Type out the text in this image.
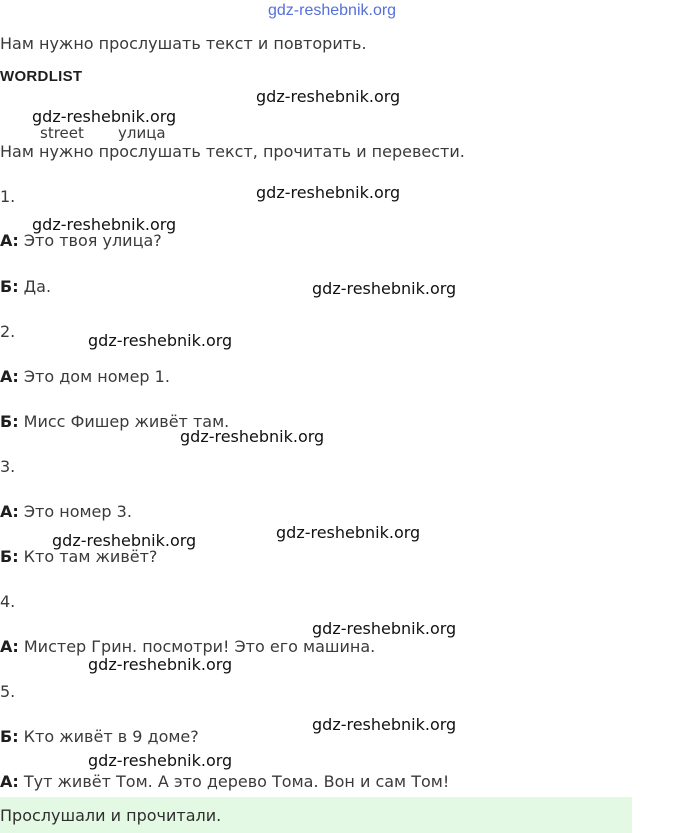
gdz-reshebnik.org
Нам нужно прослушать текст и повторить.
WORDLIST
street улица
Нам нужно прослушать текст, прочитать и перевести.
1.
А: Это твоя улица?
Б: Да.
2.
А: Это дом номер 1.
Б: Мисс Фишер живёт там.
3.
А: Это номер 3.
Б: Кто там живёт?
4.
А: Мистер Грин. посмотри! Это его машина.
5.
Б: Кто живёт в 9 доме?
А: Тут живёт Том. А это дерево Тома. Вон и сам Том!
Прослушали и прочитали.
gdz-reshebnik.org
gdz-reshebnik.org
gdz-reshebnik.org
gdz-reshebnik.org
gdz-reshebnik.org
gdz-reshebnik.org
gdz-reshebnik.org
gdz-reshebnik.org
gdz-reshebnik.org
gdz-reshebnik.org
gdz-reshebnik.org
gdz-reshebnik.org
gdz-reshebnik.org
